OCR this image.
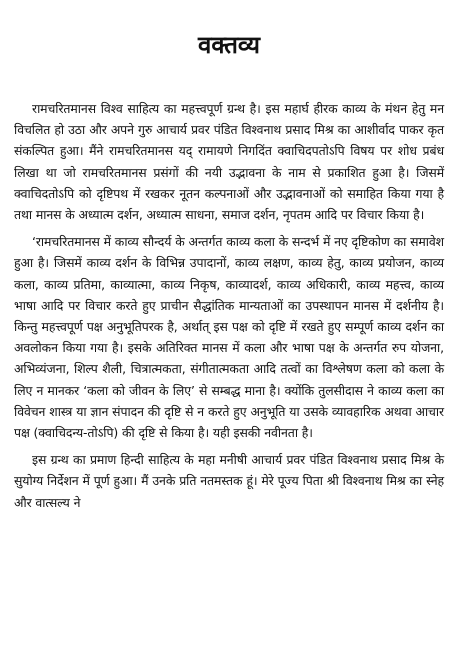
वक्तव्य

रामचरितमानस विश्व साहित्य का महत्त्वपूर्ण ग्रन्थ है। इस महार्घ हीरक काव्य के मंथन हेतु मन विचलित हो उठा और अपने गुरु आचार्य प्रवर पंडित विश्वनाथ प्रसाद मिश्र का आशीर्वाद पाकर कृत संकल्पित हुआ। मैंने रामचरितमानस यद् रामायणे निगदिंत क्वाचिदपतोऽपि विषय पर शोध प्रबंध लिखा था जो रामचरितमानस प्रसंगों की नयी उद्भावना के नाम से प्रकाशित हुआ है। जिसमें क्वाचिदतोऽपि को दृष्टिपथ में रखकर नूतन कल्पनाओं और उद्भावनाओं को समाहित किया गया है तथा मानस के अध्यात्म दर्शन, अध्यात्म साधना, समाज दर्शन, नृपतम आदि पर विचार किया है।

‘रामचरितमानस में काव्य सौन्दर्य के अन्तर्गत काव्य कला के सन्दर्भ में नए दृष्टिकोण का समावेश हुआ है। जिसमें काव्य दर्शन के विभिन्न उपादानों, काव्य लक्षण, काव्य हेतु, काव्य प्रयोजन, काव्य कला, काव्य प्रतिमा, काव्यात्मा, काव्य निकृष, काव्यादर्श, काव्य अधिकारी, काव्य महत्त्व, काव्य भाषा आदि पर विचार करते हुए प्राचीन सैद्धांतिक मान्यताओं का उपस्थापन मानस में दर्शनीय है। किन्तु महत्त्वपूर्ण पक्ष अनुभूतिपरक है, अर्थात् इस पक्ष को दृष्टि में रखते हुए सम्पूर्ण काव्य दर्शन का अवलोकन किया गया है। इसके अतिरिक्त मानस में कला और भाषा पक्ष के अन्तर्गत रुप योजना, अभिव्यंजना, शिल्प शैली, चित्रात्मकता, संगीतात्मकता आदि तत्वों का विश्लेषण कला को कला के लिए न मानकर ‘कला को जीवन के लिए’ से सम्बद्ध माना है। क्योंकि तुलसीदास ने काव्य कला का विवेचन शास्त्र या ज्ञान संपादन की दृष्टि से न करते हुए अनुभूति या उसके व्यावहारिक अथवा आचार पक्ष (क्वाचिदन्य-तोऽपि) की दृष्टि से किया है। यही इसकी नवीनता है।

इस ग्रन्थ का प्रमाण हिन्दी साहित्य के महा मनीषी आचार्य प्रवर पंडित विश्वनाथ प्रसाद मिश्र के सुयोग्य निर्देशन में पूर्ण हुआ। मैं उनके प्रति नतमस्तक हूं। मेरे पूज्य पिता श्री विश्वनाथ मिश्र का स्नेह और वात्सल्य ने
